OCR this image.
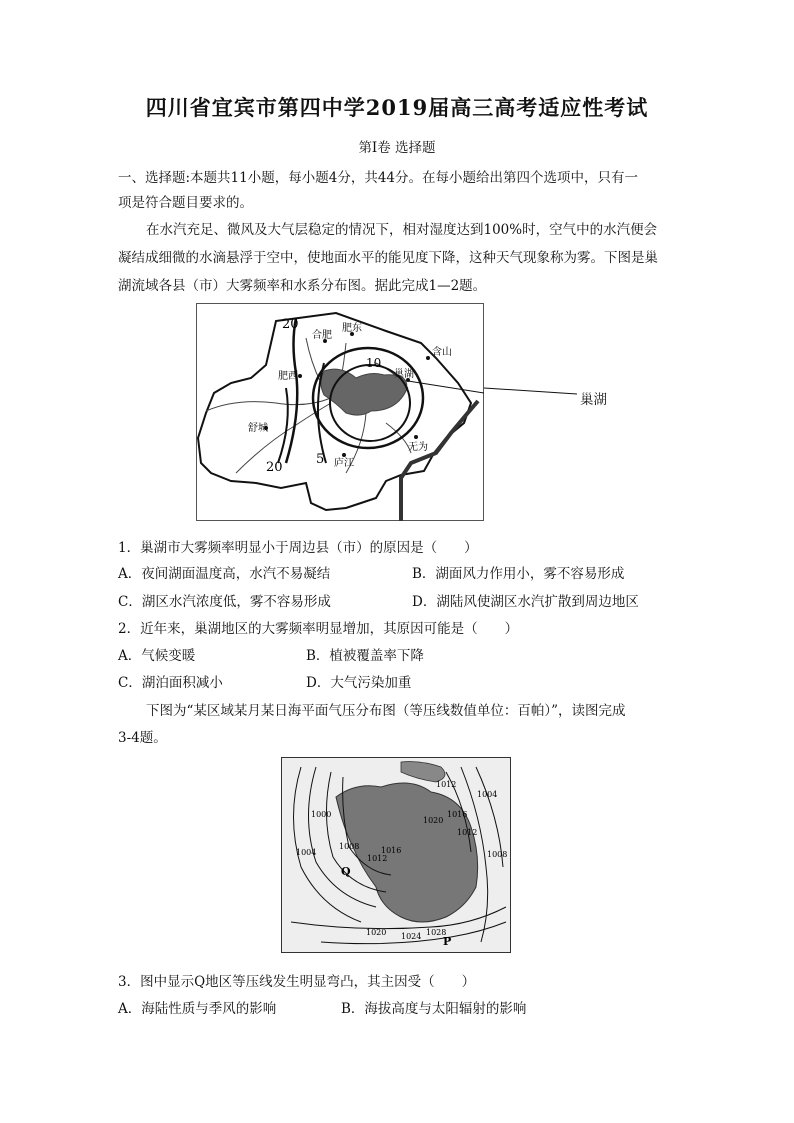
四川省宜宾市第四中学2019届高三高考适应性考试
第Ⅰ卷 选择题
一、选择题:本题共11小题，每小题4分，共44分。在每小题给出第四个选项中，只有一
项是符合题目要求的。
在水汽充足、微风及大气层稳定的情况下，相对湿度达到100%时，空气中的水汽便会
凝结成细微的水滴悬浮于空中，使地面水平的能见度下降，这种天气现象称为雾。下图是巢
湖流域各县（市）大雾频率和水系分布图。据此完成1—2题。
合肥
肥东
含山
肥西	巢湖
舒城
无为
庐江
20
10
20
5
巢湖
1．巢湖市大雾频率明显小于周边县（市）的原因是（　　）
A．夜间湖面温度高，水汽不易凝结	B．湖面风力作用小，雾不容易形成
C．湖区水汽浓度低，雾不容易形成	D．湖陆风使湖区水汽扩散到周边地区
2．近年来，巢湖地区的大雾频率明显增加，其原因可能是（　　）
A．气候变暖	B．植被覆盖率下降
C．湖泊面积减小	D．大气污染加重
下图为“某区域某月某日海平面气压分布图（等压线数值单位：百帕）”，读图完成
3-4题。
1000
1004
1008
1012
1016
1020
1016
1012
1008
1004
1020 1024 1028
1012
Q
P
3．图中显示Q地区等压线发生明显弯凸，其主因受（　　）
A．海陆性质与季风的影响	B．海拔高度与太阳辐射的影响
